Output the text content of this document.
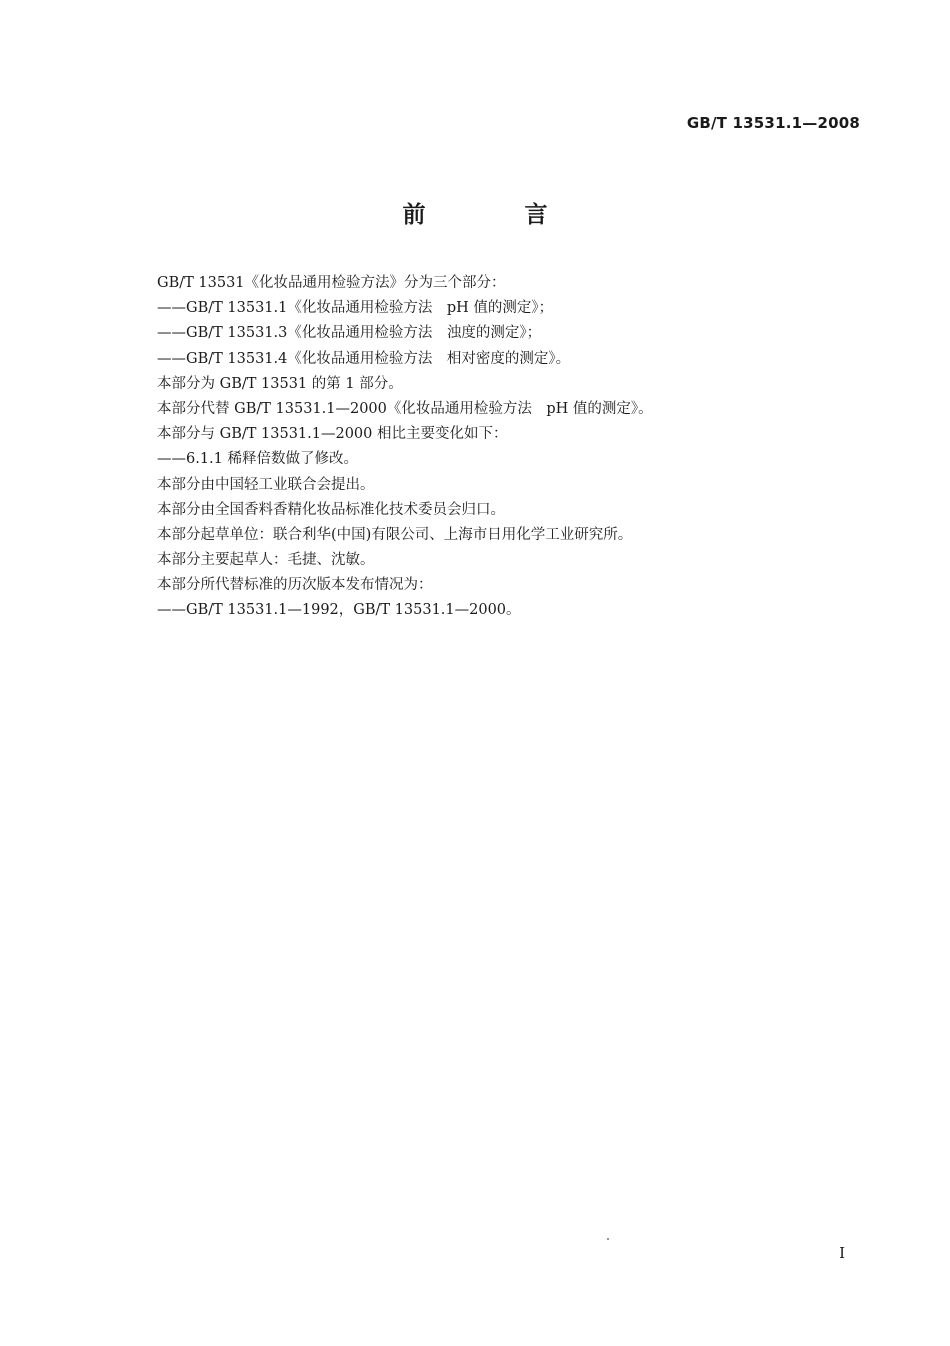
GB/T 13531.1—2008
前　言
GB/T 13531《化妆品通用检验方法》分为三个部分：
——GB/T 13531.1《化妆品通用检验方法　pH 值的测定》；
——GB/T 13531.3《化妆品通用检验方法　浊度的测定》；
——GB/T 13531.4《化妆品通用检验方法　相对密度的测定》。
本部分为 GB/T 13531 的第 1 部分。
本部分代替 GB/T 13531.1—2000《化妆品通用检验方法　pH 值的测定》。
本部分与 GB/T 13531.1—2000 相比主要变化如下：
——6.1.1 稀释倍数做了修改。
本部分由中国轻工业联合会提出。
本部分由全国香料香精化妆品标准化技术委员会归口。
本部分起草单位：联合利华(中国)有限公司、上海市日用化学工业研究所。
本部分主要起草人：毛捷、沈敏。
本部分所代替标准的历次版本发布情况为：
——GB/T 13531.1—1992，GB/T 13531.1—2000。
I
